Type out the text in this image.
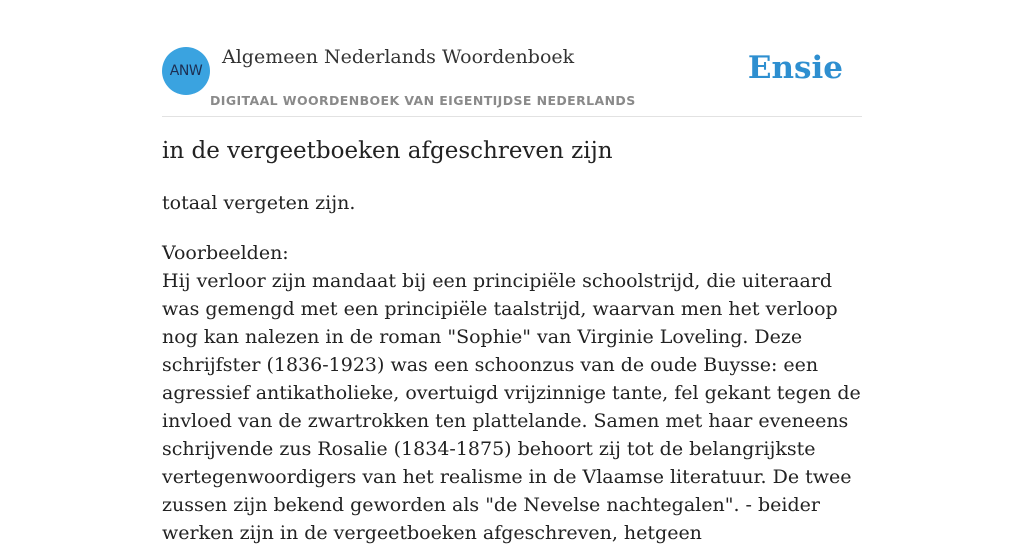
ANW
Algemeen Nederlands Woordenboek
DIGITAAL WOORDENBOEK VAN EIGENTIJDSE NEDERLANDS
Ensie
in de vergeetboeken afgeschreven zijn

totaal vergeten zijn.

Voorbeelden:
Hij verloor zijn mandaat bij een principiële schoolstrijd, die uiteraard was gemengd met een principiële taalstrijd, waarvan men het verloop nog kan nalezen in de roman "Sophie" van Virginie Loveling. Deze schrijfster (1836-1923) was een schoonzus van de oude Buysse: een agressief antikatholieke, overtuigd vrijzinnige tante, fel gekant tegen de invloed van de zwartrokken ten plattelande. Samen met haar eveneens schrijvende zus Rosalie (1834-1875) behoort zij tot de belangrijkste vertegenwoordigers van het realisme in de Vlaamse literatuur. De twee zussen zijn bekend geworden als "de Nevelse nachtegalen". - beider werken zijn in de vergeetboeken afgeschreven, hetgeen
